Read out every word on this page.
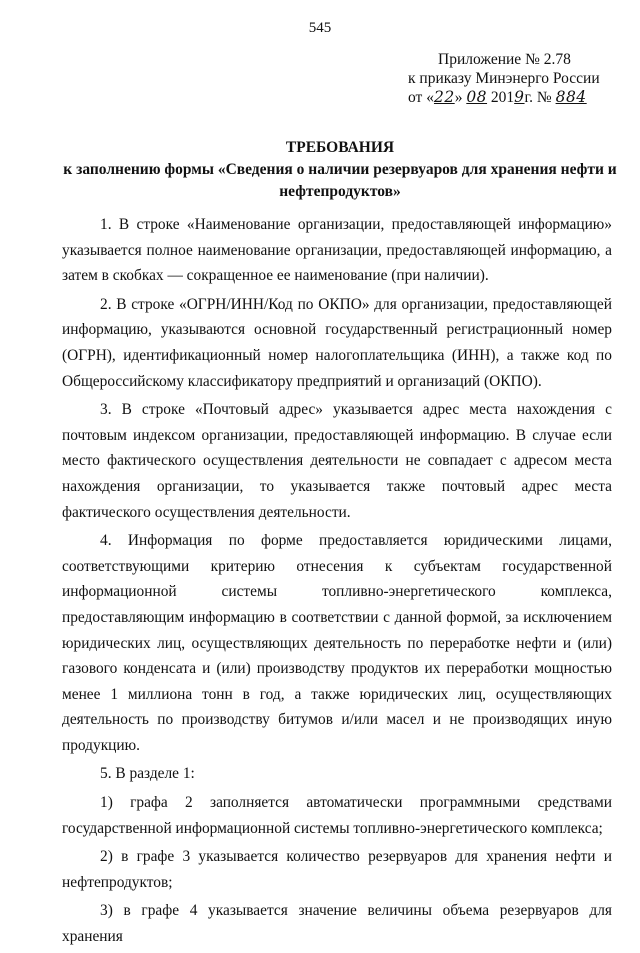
545
Приложение № 2.78
к приказу Минэнерго России
от «22» 08 2019г. № 884
ТРЕБОВАНИЯ
к заполнению формы «Сведения о наличии резервуаров для хранения нефти и нефтепродуктов»

1. В строке «Наименование организации, предоставляющей информацию» указывается полное наименование организации, предоставляющей информацию, а затем в скобках — сокращенное ее наименование (при наличии).

2. В строке «ОГРН/ИНН/Код по ОКПО» для организации, предоставляющей информацию, указываются основной государственный регистрационный номер (ОГРН), идентификационный номер налогоплательщика (ИНН), а также код по Общероссийскому классификатору предприятий и организаций (ОКПО).

3. В строке «Почтовый адрес» указывается адрес места нахождения с почтовым индексом организации, предоставляющей информацию. В случае если место фактического осуществления деятельности не совпадает с адресом места нахождения организации, то указывается также почтовый адрес места фактического осуществления деятельности.

4. Информация по форме предоставляется юридическими лицами, соответствующими критерию отнесения к субъектам государственной информационной системы топливно-энергетического комплекса, предоставляющим информацию в соответствии с данной формой, за исключением юридических лиц, осуществляющих деятельность по переработке нефти и (или) газового конденсата и (или) производству продуктов их переработки мощностью менее 1 миллиона тонн в год, а также юридических лиц, осуществляющих деятельность по производству битумов и/или масел и не производящих иную продукцию.

5. В разделе 1:

1) графа 2 заполняется автоматически программными средствами государственной информационной системы топливно-энергетического комплекса;

2) в графе 3 указывается количество резервуаров для хранения нефти и нефтепродуктов;

3) в графе 4 указывается значение величины объема резервуаров для хранения
